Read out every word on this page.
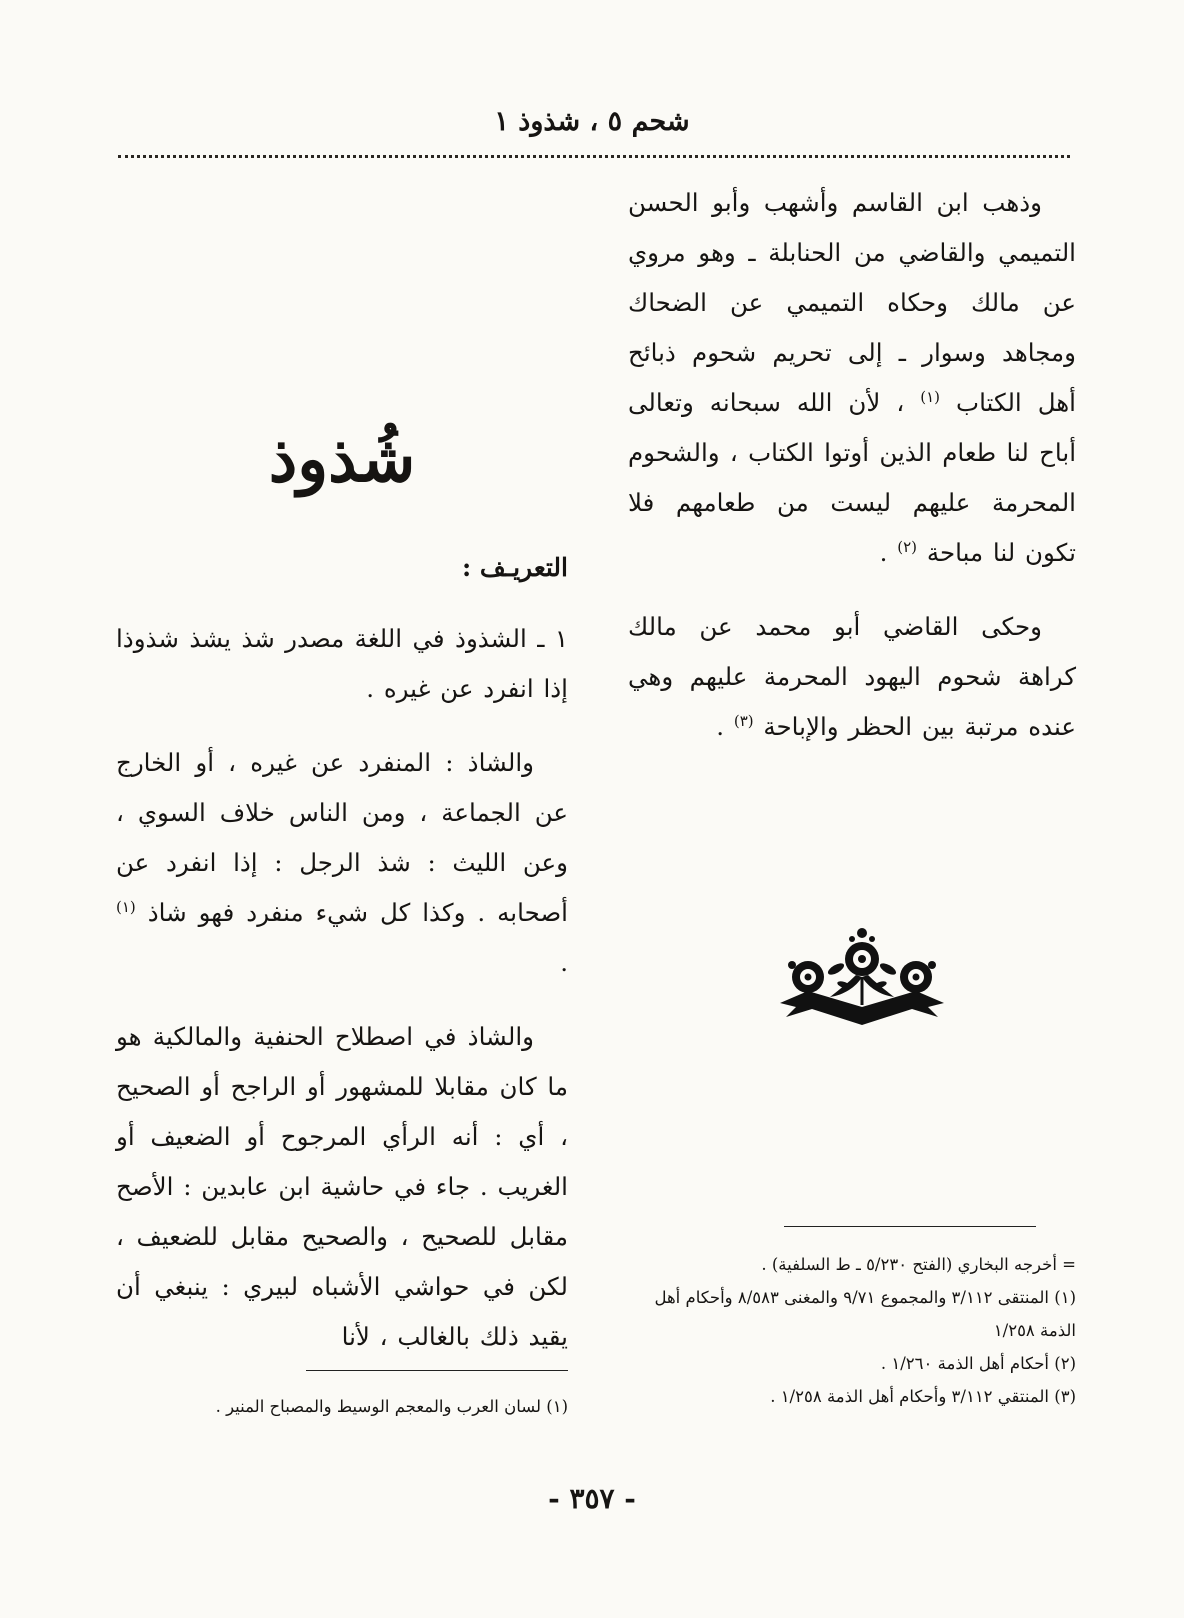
شحم ٥ ، شذوذ ١

وذهب ابن القاسم وأشهب وأبو الحسن التميمي والقاضي من الحنابلة ـ وهو مروي عن مالك وحكاه التميمي عن الضحاك ومجاهد وسوار ـ إلى تحريم شحوم ذبائح أهل الكتاب $^{(١)}$ ، لأن الله سبحانه وتعالى أباح لنا طعام الذين أوتوا الكتاب ، والشحوم المحرمة عليهم ليست من طعامهم فلا تكون لنا مباحة $^{(٢)}$ .

وحكى القاضي أبو محمد عن مالك كراهة شحوم اليهود المحرمة عليهم وهي عنده مرتبة بين الحظر والإباحة $^{(٣)}$ .

شُذوذ

التعريـف :

١ ـ الشذوذ في اللغة مصدر شذ يشذ شذوذا إذا انفرد عن غيره .

والشاذ : المنفرد عن غيره ، أو الخارج عن الجماعة ، ومن الناس خلاف السوي ، وعن الليث : شذ الرجل : إذا انفرد عن أصحابه . وكذا كل شيء منفرد فهو شاذ $^{(١)}$ .

والشاذ في اصطلاح الحنفية والمالكية هو ما كان مقابلا للمشهور أو الراجح أو الصحيح ، أي : أنه الرأي المرجوح أو الضعيف أو الغريب . جاء في حاشية ابن عابدين : الأصح مقابل للصحيح ، والصحيح مقابل للضعيف ، لكن في حواشي الأشباه لبيري : ينبغي أن يقيد ذلك بالغالب ، لأنا

= أخرجه البخاري (الفتح ٥/٢٣٠ ـ ط السلفية) .

(١) المنتقى ٣/١١٢ والمجموع ٩/٧١ والمغنى ٨/٥٨٣ وأحكام أهل الذمة ١/٢٥٨

(٢) أحكام أهل الذمة ١/٢٦٠ .

(٣) المنتقي ٣/١١٢ وأحكام أهل الذمة ١/٢٥٨ .

(١) لسان العرب والمعجم الوسيط والمصباح المنير .

- ٣٥٧ -
